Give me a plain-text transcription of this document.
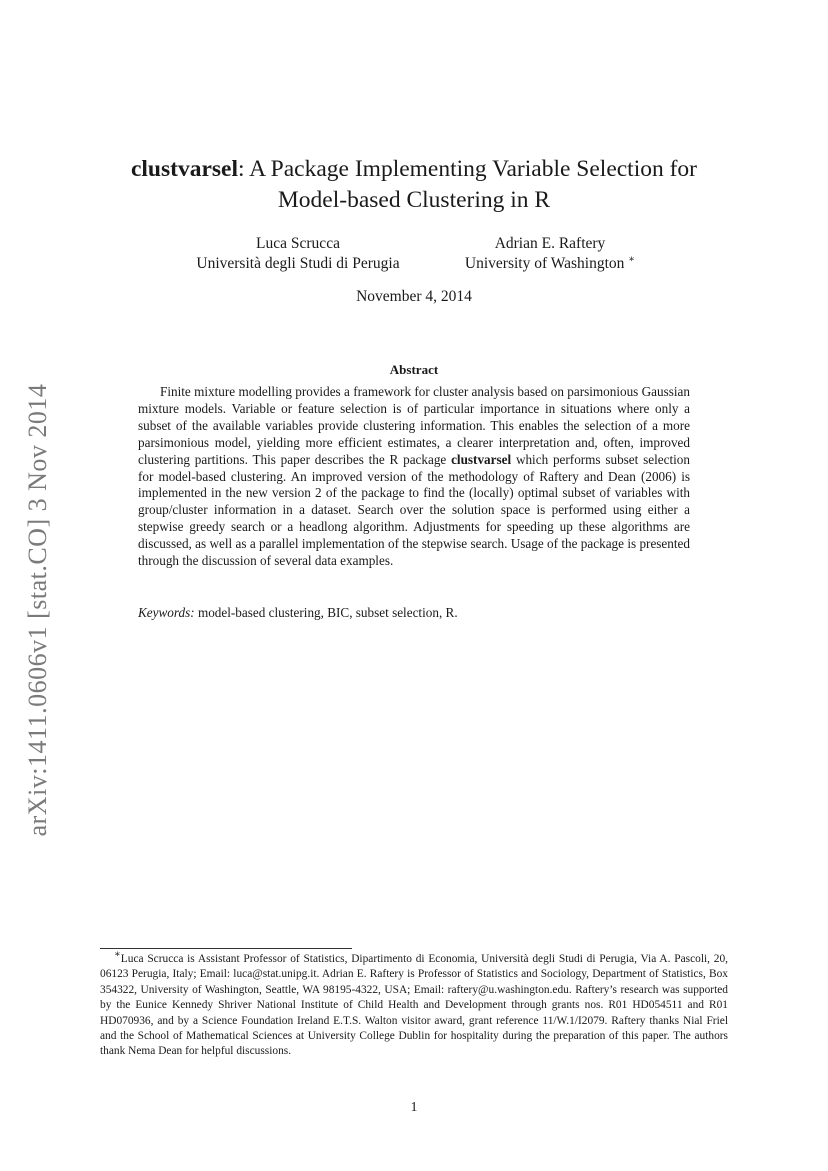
arXiv:1411.0606v1 [stat.CO] 3 Nov 2014
clustvarsel: A Package Implementing Variable Selection for
Model-based Clustering in R
Luca Scrucca
Università degli Studi di Perugia
Adrian E. Raftery
University of Washington ∗
November 4, 2014
Abstract

Finite mixture modelling provides a framework for cluster analysis based on parsimonious Gaussian mixture models. Variable or feature selection is of particular importance in situations where only a subset of the available variables provide clustering information. This enables the selection of a more parsimonious model, yielding more efficient estimates, a clearer interpretation and, often, improved clustering partitions. This paper describes the R package clustvarsel which performs subset selection for model-based clustering. An improved version of the methodology of Raftery and Dean (2006) is implemented in the new version 2 of the package to find the (locally) optimal subset of variables with group/cluster information in a dataset. Search over the solution space is performed using either a stepwise greedy search or a headlong algorithm. Adjustments for speeding up these algorithms are discussed, as well as a parallel implementation of the stepwise search. Usage of the package is presented through the discussion of several data examples.

Keywords: model-based clustering, BIC, subset selection, R.

∗Luca Scrucca is Assistant Professor of Statistics, Dipartimento di Economia, Università degli Studi di Perugia, Via A. Pascoli, 20, 06123 Perugia, Italy; Email: luca@stat.unipg.it. Adrian E. Raftery is Professor of Statistics and Sociology, Department of Statistics, Box 354322, University of Washington, Seattle, WA 98195-4322, USA; Email: raftery@u.washington.edu. Raftery’s research was supported by the Eunice Kennedy Shriver National Institute of Child Health and Development through grants nos. R01 HD054511 and R01 HD070936, and by a Science Foundation Ireland E.T.S. Walton visitor award, grant reference 11/W.1/I2079. Raftery thanks Nial Friel and the School of Mathematical Sciences at University College Dublin for hospitality during the preparation of this paper. The authors thank Nema Dean for helpful discussions.

1
